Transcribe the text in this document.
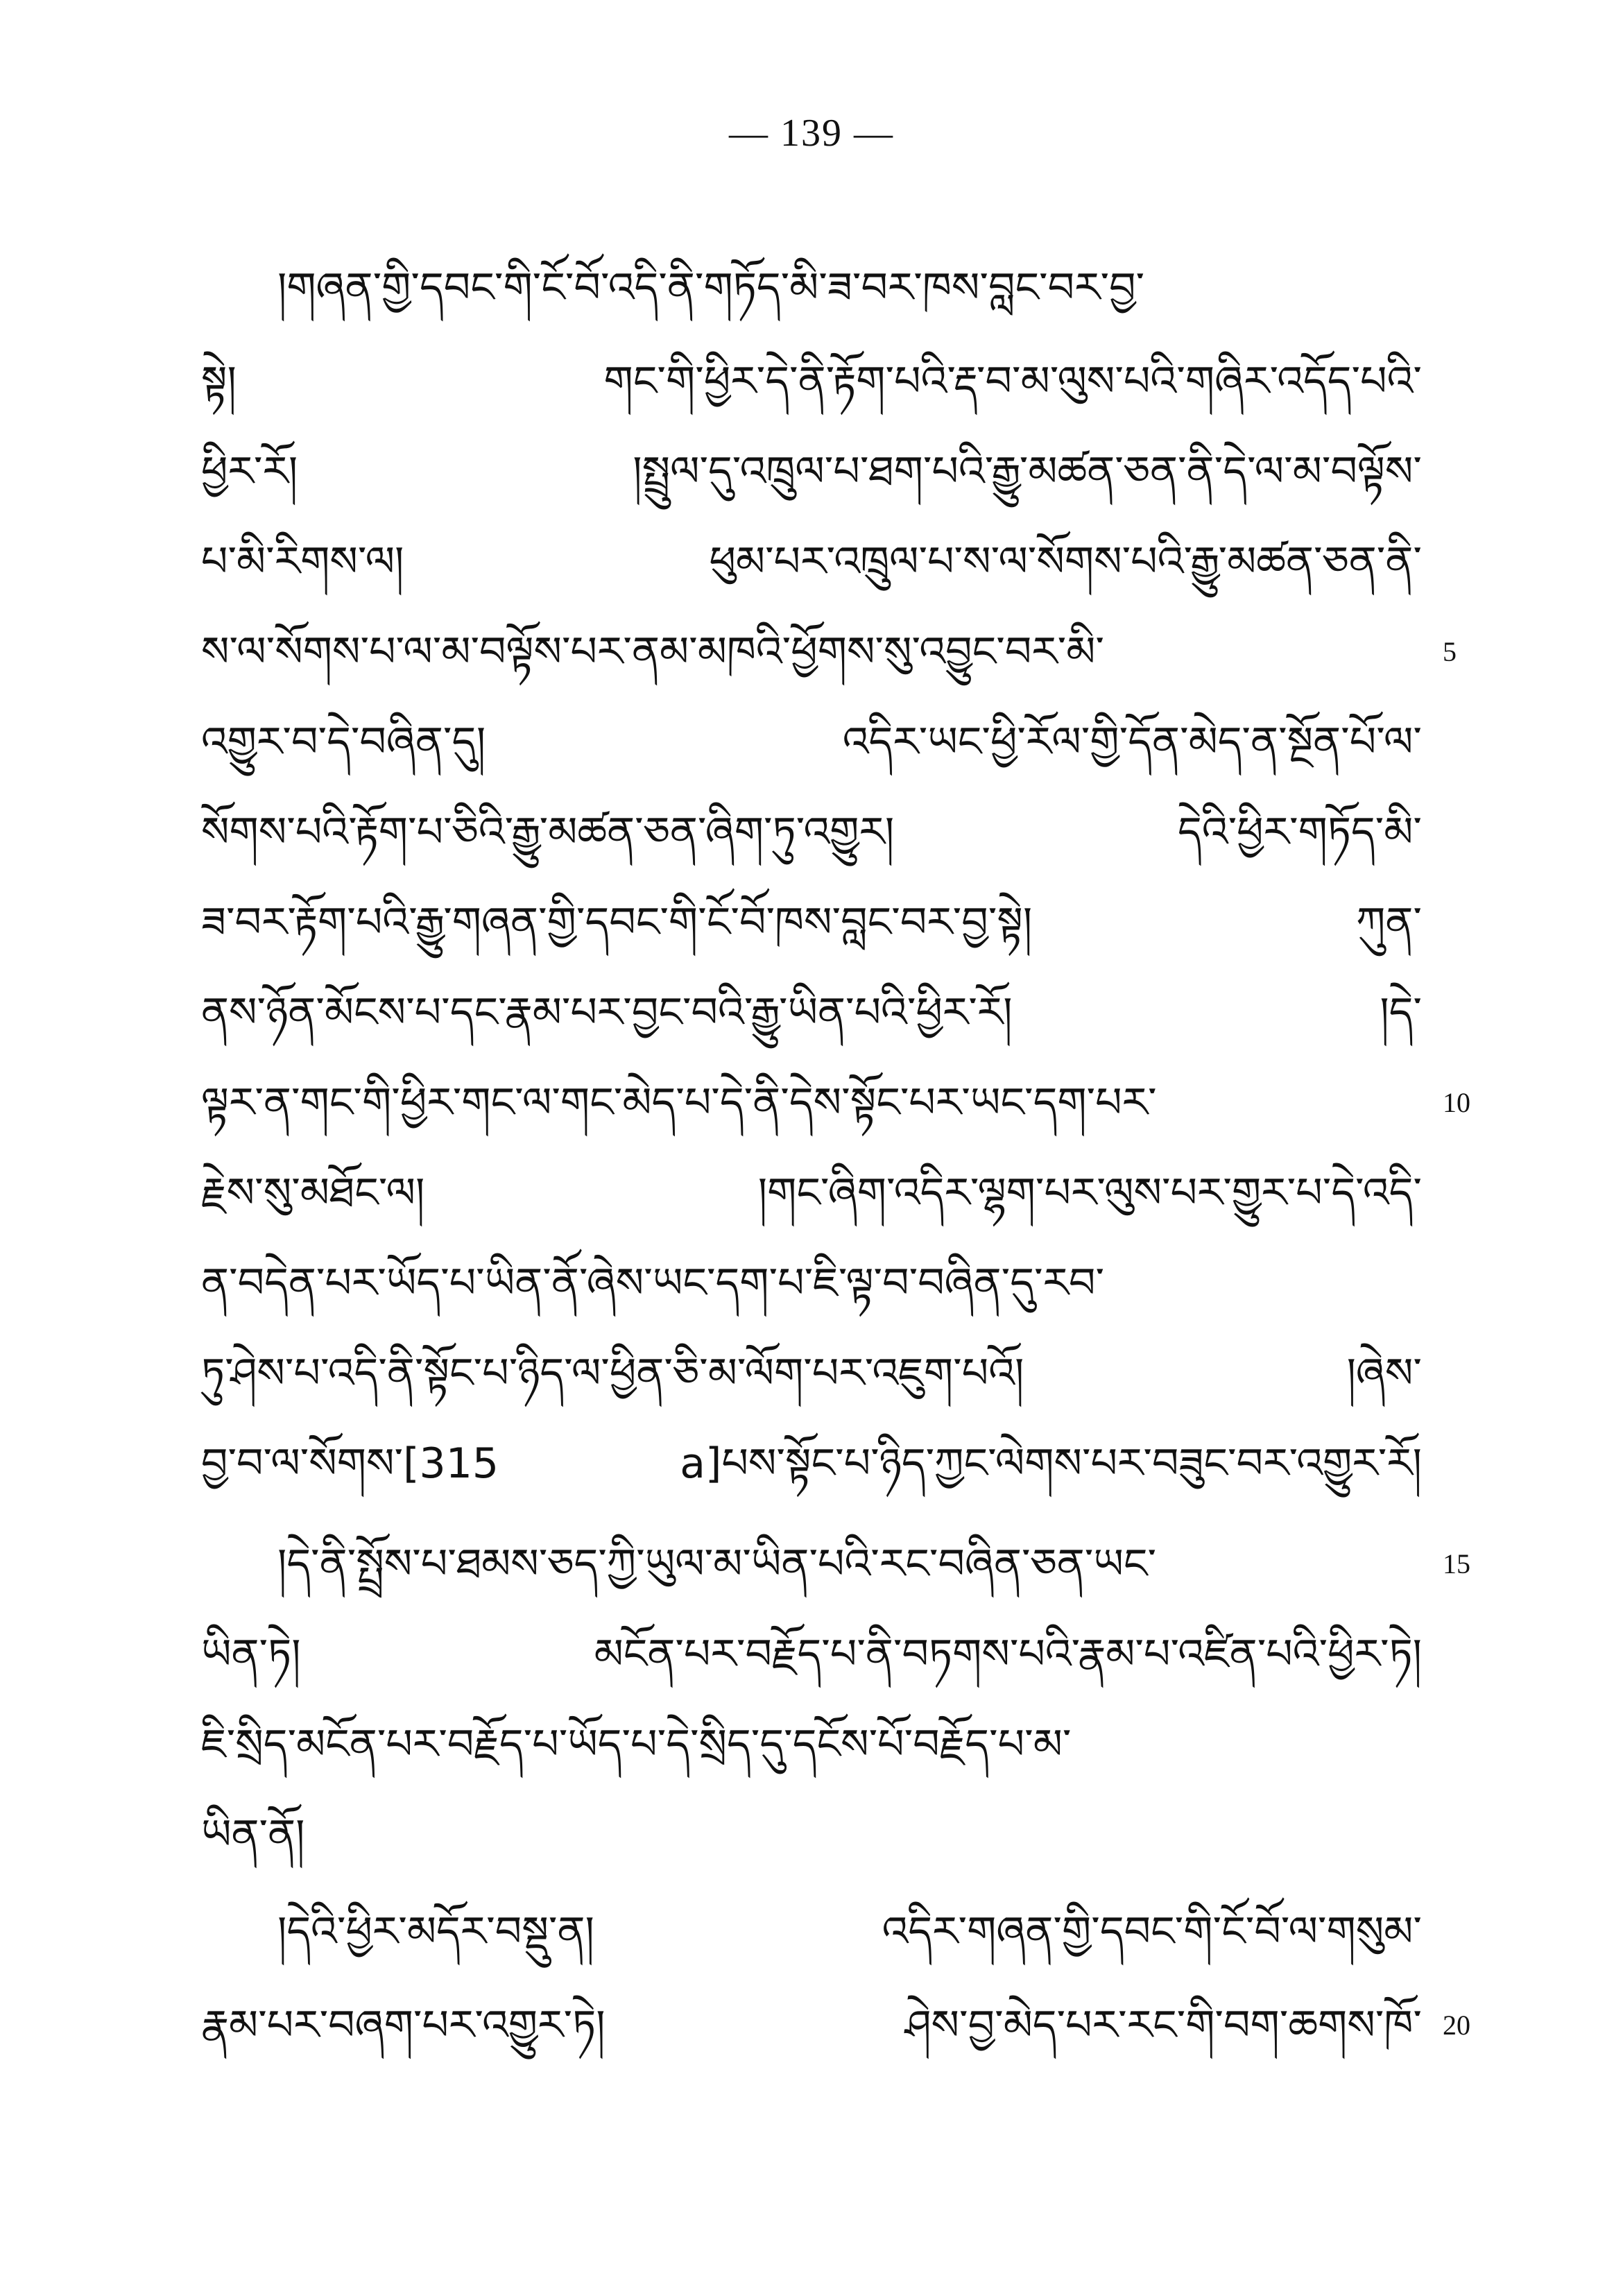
— 139 —
།གཞན་གྱི་དབང་གི་ངོ་བོ་འདི་ནི་གཏོད་མི་ཟ་བར་ཁས་བླང་བར་བྱ་
སྟེ། གང་གི་ཕྱིར་དེ་ནི་རྟོག་པའི་རྡ་བ་མ་ལུས་པའི་གཞིར་འདོད་པའི་
ཕྱིར་རོ། །སྤྲུལ་དུ་འཁྲུལ་པ་ཐག་པའི་རྒྱུ་མཚན་ཅན་ནི་དེ་ལ་མ་བལྟོས་
པ་མི་རིགས་ལ། ཕུམ་པར་འཁྲུལ་པ་ས་ལ་སོགས་པའི་རྒྱུ་མཚན་ཅན་ནི་
ས་ལ་སོགས་པ་ལ་མ་བལྟོས་པར་ནམ་མཁའི་ཕྱོགས་སུ་འབྱུང་བར་མི་
འགྱུར་བ་དེ་བཞིན་དུ། འདིར་ཡང་ཕྱི་རོལ་གྱི་དོན་མེད་ན་སྔོན་པོ་ལ་
སོགས་པའི་རྟོག་པ་ཅིའི་རྒྱུ་མཚན་ཅན་ཞིག་ཏུ་འགྱུར། དེའི་ཕྱིར་གཏོད་མི་
ཟ་བར་རྟོག་པའི་རྒྱུ་གཞན་གྱི་དབང་གི་ངོ་བོ་ཁས་བླང་བར་བྱ་སྟེ། ཀུན་
ནས་ཉོན་མོངས་པ་དང་རྣམ་པར་བྱང་བའི་རྒྱུ་ཡིན་པའི་ཕྱིར་རོ། །དེ་
ལྟར་ན་གང་གི་ཕྱིར་གང་ལ་གང་མེད་པ་དེ་ནི་དེས་སྟོང་པར་ཡང་དག་པར་
རྗེས་སུ་མཐོང་ལ། །གང་ཞིག་འདིར་ལྷག་པར་ལུས་པར་གྱུར་པ་དེ་འདི་
ན་བདེན་པར་ཡོད་པ་ཡིན་ནོ་ཞེས་ཡང་དག་པ་ཇི་ལྟ་བ་བཞིན་དུ་རབ་
ཏུ་ཤེས་པ་འདི་ནི་སྟོང་པ་ཉིད་ལ་ཕྱིན་ཅི་མ་ལོག་པར་འཇུག་པའོ། །ཞེས་
བྱ་བ་ལ་སོགས་[315 a]པས་སྟོང་པ་ཉིད་ཀྱང་ལེགས་པར་བཟུང་བར་འགྱུར་རོ།
།དེ་ནི་སྤྲོས་པ་ཐམས་ཅད་ཀྱི་ཡུལ་མ་ཡིན་པའི་རང་བཞིན་ཅན་ཡང་
ཡིན་ཏེ། མངོན་པར་བརྗོད་པ་ནི་བཏགས་པའི་རྣམ་པ་འཛིན་པའི་ཕྱིར་ཏེ།
ཇི་སྲིད་མངོན་པར་བརྗོད་པ་ཡོད་པ་དེ་སྲིད་དུ་དངོས་པོ་བརྗོད་པ་མ་
ཡིན་ནོ།
།དེའི་ཕྱིར་མདོར་བསྡུ་ན། འདིར་གཞན་གྱི་དབང་གི་ངོ་བོ་ལ་གསུམ་
རྣམ་པར་བཞག་པར་འགྱུར་ཏེ། ཤེས་བྱ་མེད་པར་རང་གི་བག་ཆགས་ཁོ་
5
10
15
20
